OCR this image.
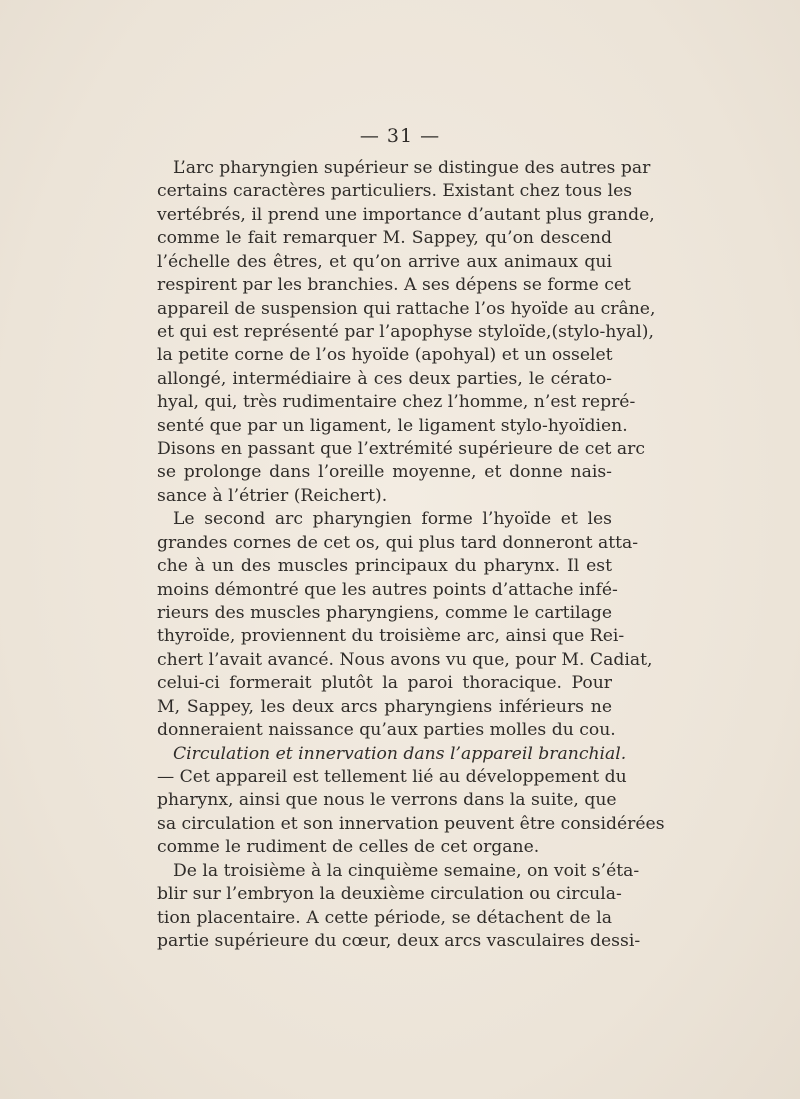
— 31 —
L’arc pharyngien supérieur se distingue des autres par
certains caractères particuliers. Existant chez tous les
vertébrés, il prend une importance d’autant plus grande,
comme le fait remarquer M. Sappey, qu’on descend
l’échelle des êtres, et qu’on arrive aux animaux qui
respirent par les branchies. A ses dépens se forme cet
appareil de suspension qui rattache l’os hyoïde au crâne,
et qui est représenté par l’apophyse styloïde,(stylo-hyal),
la petite corne de l’os hyoïde (apohyal) et un osselet
allongé, intermédiaire à ces deux parties, le cérato-
hyal, qui, très rudimentaire chez l’homme, n’est repré-
senté que par un ligament, le ligament stylo-hyoïdien.
Disons en passant que l’extrémité supérieure de cet arc
se prolonge dans l’oreille moyenne, et donne nais-
sance à l’étrier (Reichert).
Le second arc pharyngien forme l’hyoïde et les
grandes cornes de cet os, qui plus tard donneront atta-
che à un des muscles principaux du pharynx. Il est
moins démontré que les autres points d’attache infé-
rieurs des muscles pharyngiens, comme le cartilage
thyroïde, proviennent du troisième arc, ainsi que Rei-
chert l’avait avancé. Nous avons vu que, pour M. Cadiat,
celui-ci formerait plutôt la paroi thoracique. Pour
M, Sappey, les deux arcs pharyngiens inférieurs ne
donneraient naissance qu’aux parties molles du cou.
Circulation et innervation dans l’appareil branchial.
— Cet appareil est tellement lié au développement du
pharynx, ainsi que nous le verrons dans la suite, que
sa circulation et son innervation peuvent être considérées
comme le rudiment de celles de cet organe.
De la troisième à la cinquième semaine, on voit s’éta-
blir sur l’embryon la deuxième circulation ou circula-
tion placentaire. A cette période, se détachent de la
partie supérieure du cœur, deux arcs vasculaires dessi-
